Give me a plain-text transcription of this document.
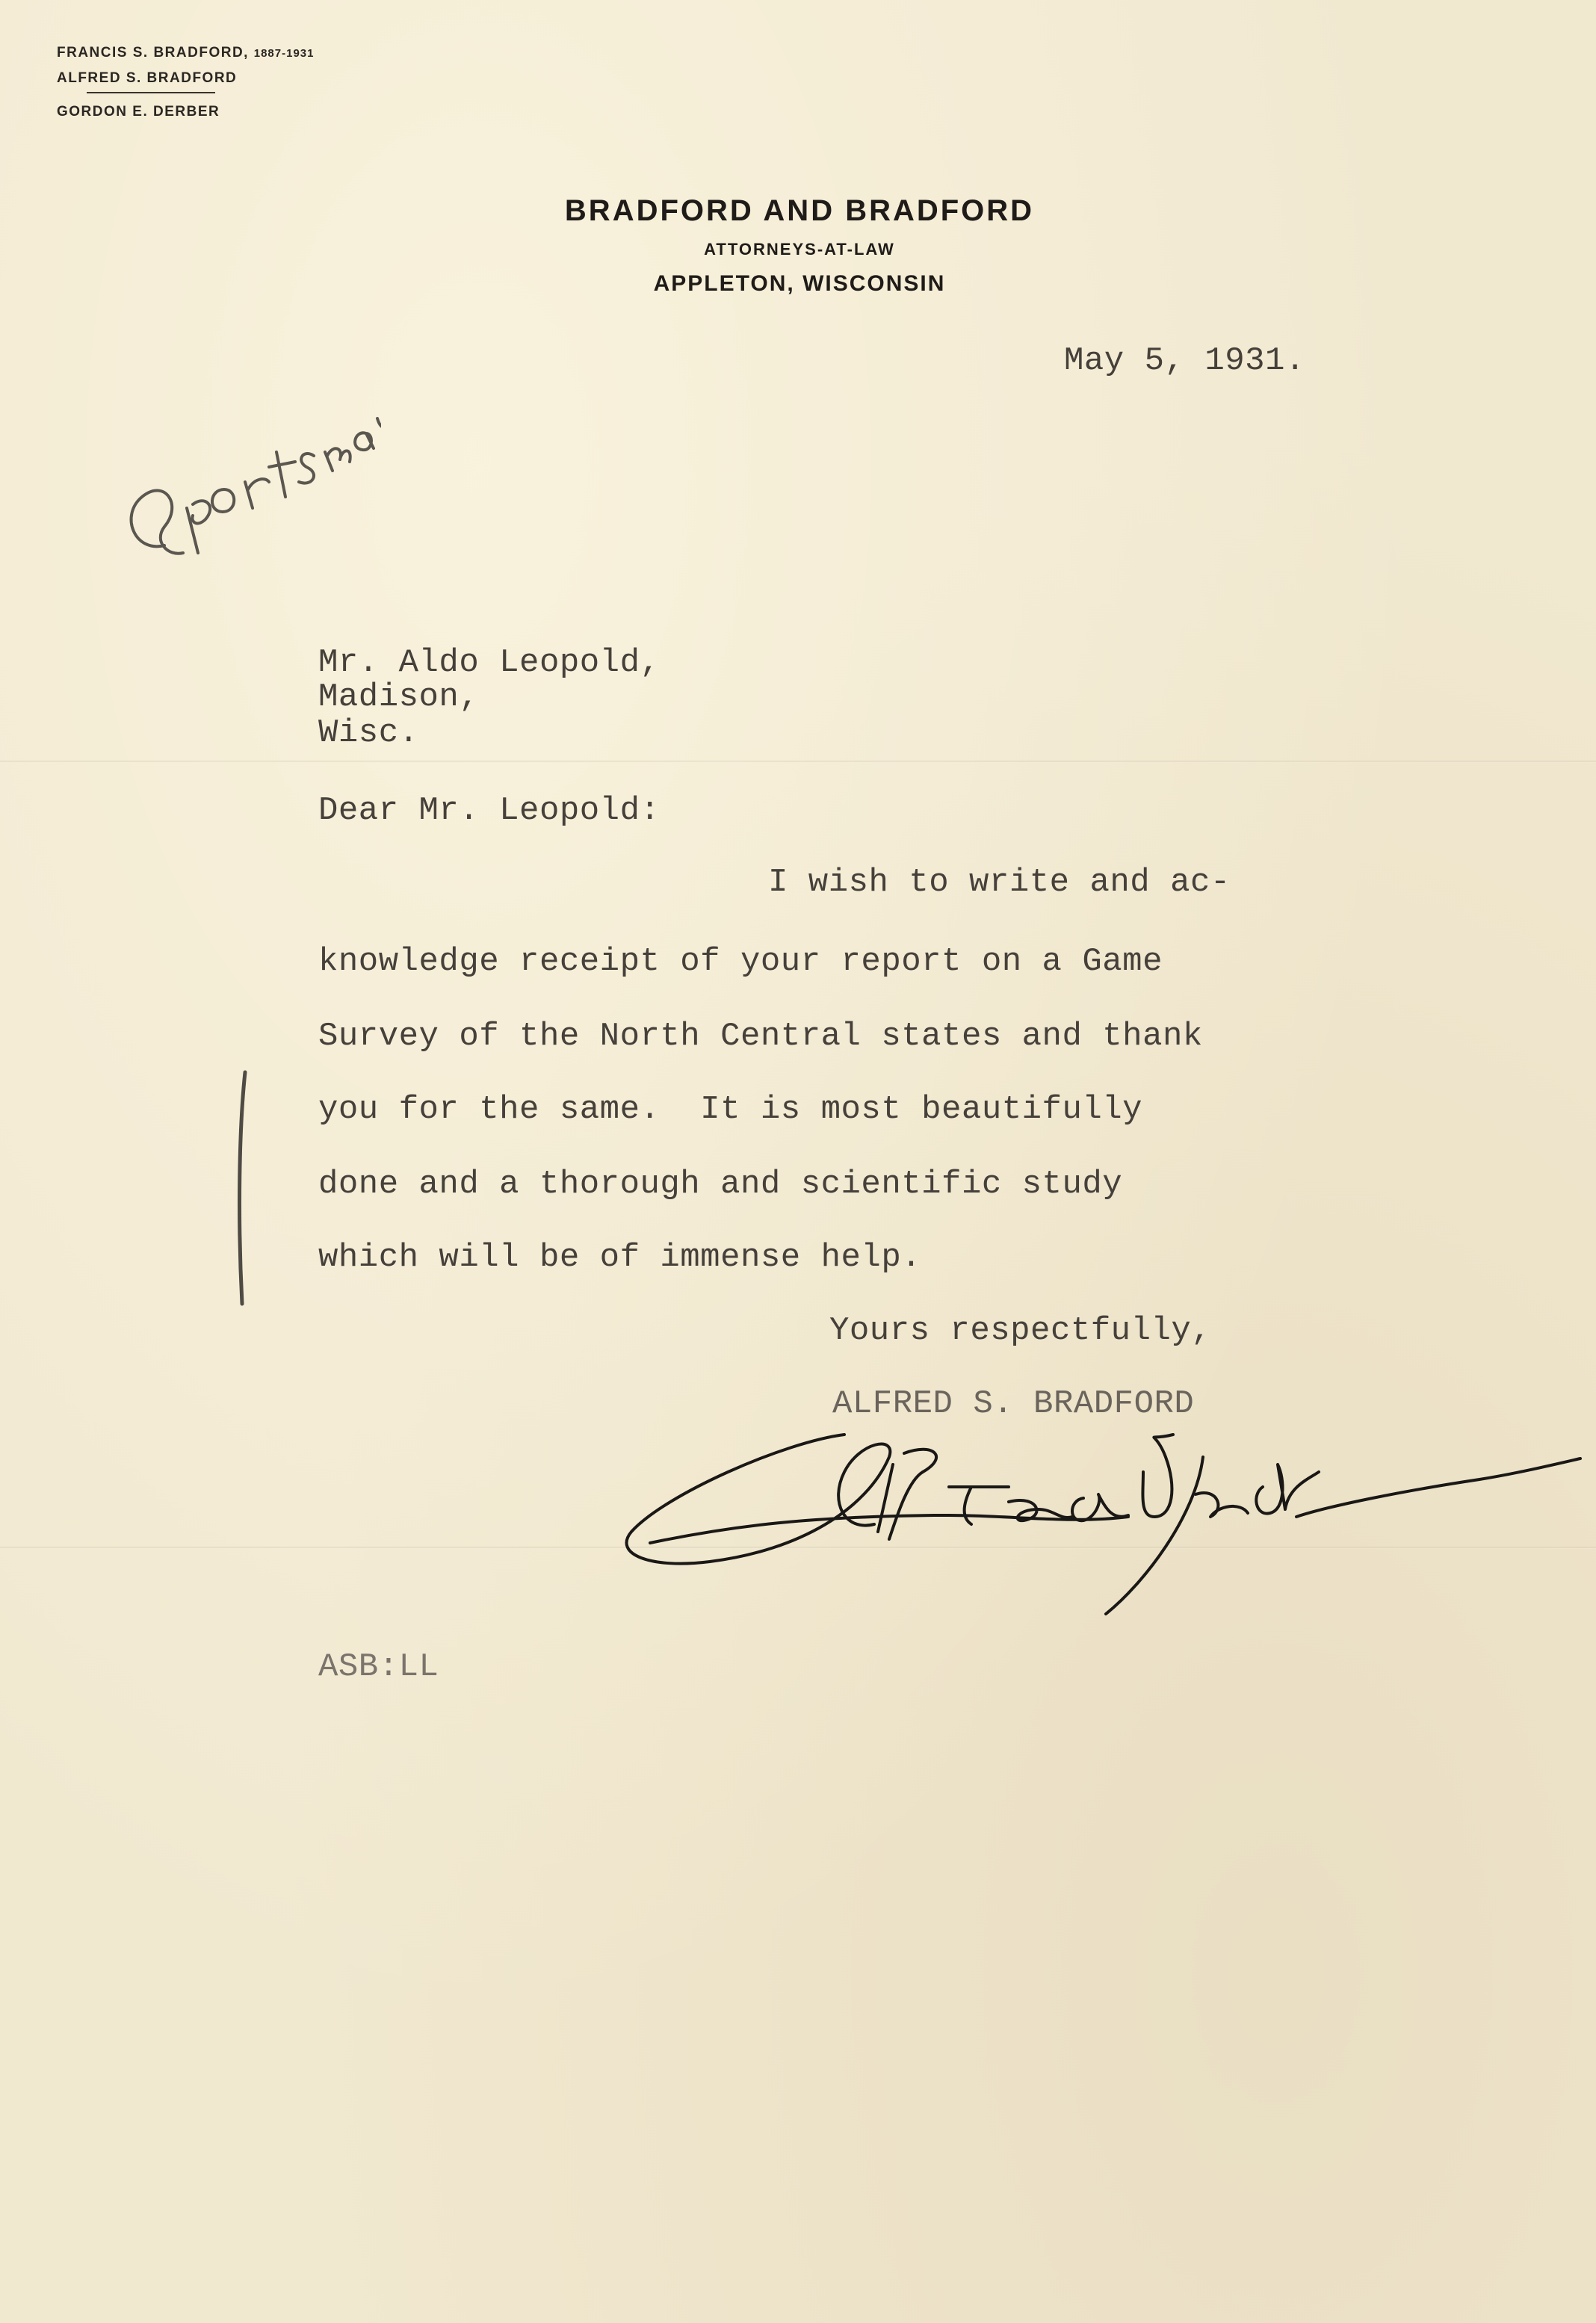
FRANCIS S. BRADFORD, 1887-1931
ALFRED S. BRADFORD
GORDON E. DERBER
BRADFORD AND BRADFORD
ATTORNEYS-AT-LAW
APPLETON, WISCONSIN
May 5, 1931.
Mr. Aldo Leopold,
Madison,
Wisc.
Dear Mr. Leopold:
I wish to write and ac-
knowledge receipt of your report on a Game
Survey of the North Central states and thank
you for the same.  It is most beautifully
done and a thorough and scientific study
which will be of immense help.
Yours respectfully,
ALFRED S. BRADFORD
ASB:LL
